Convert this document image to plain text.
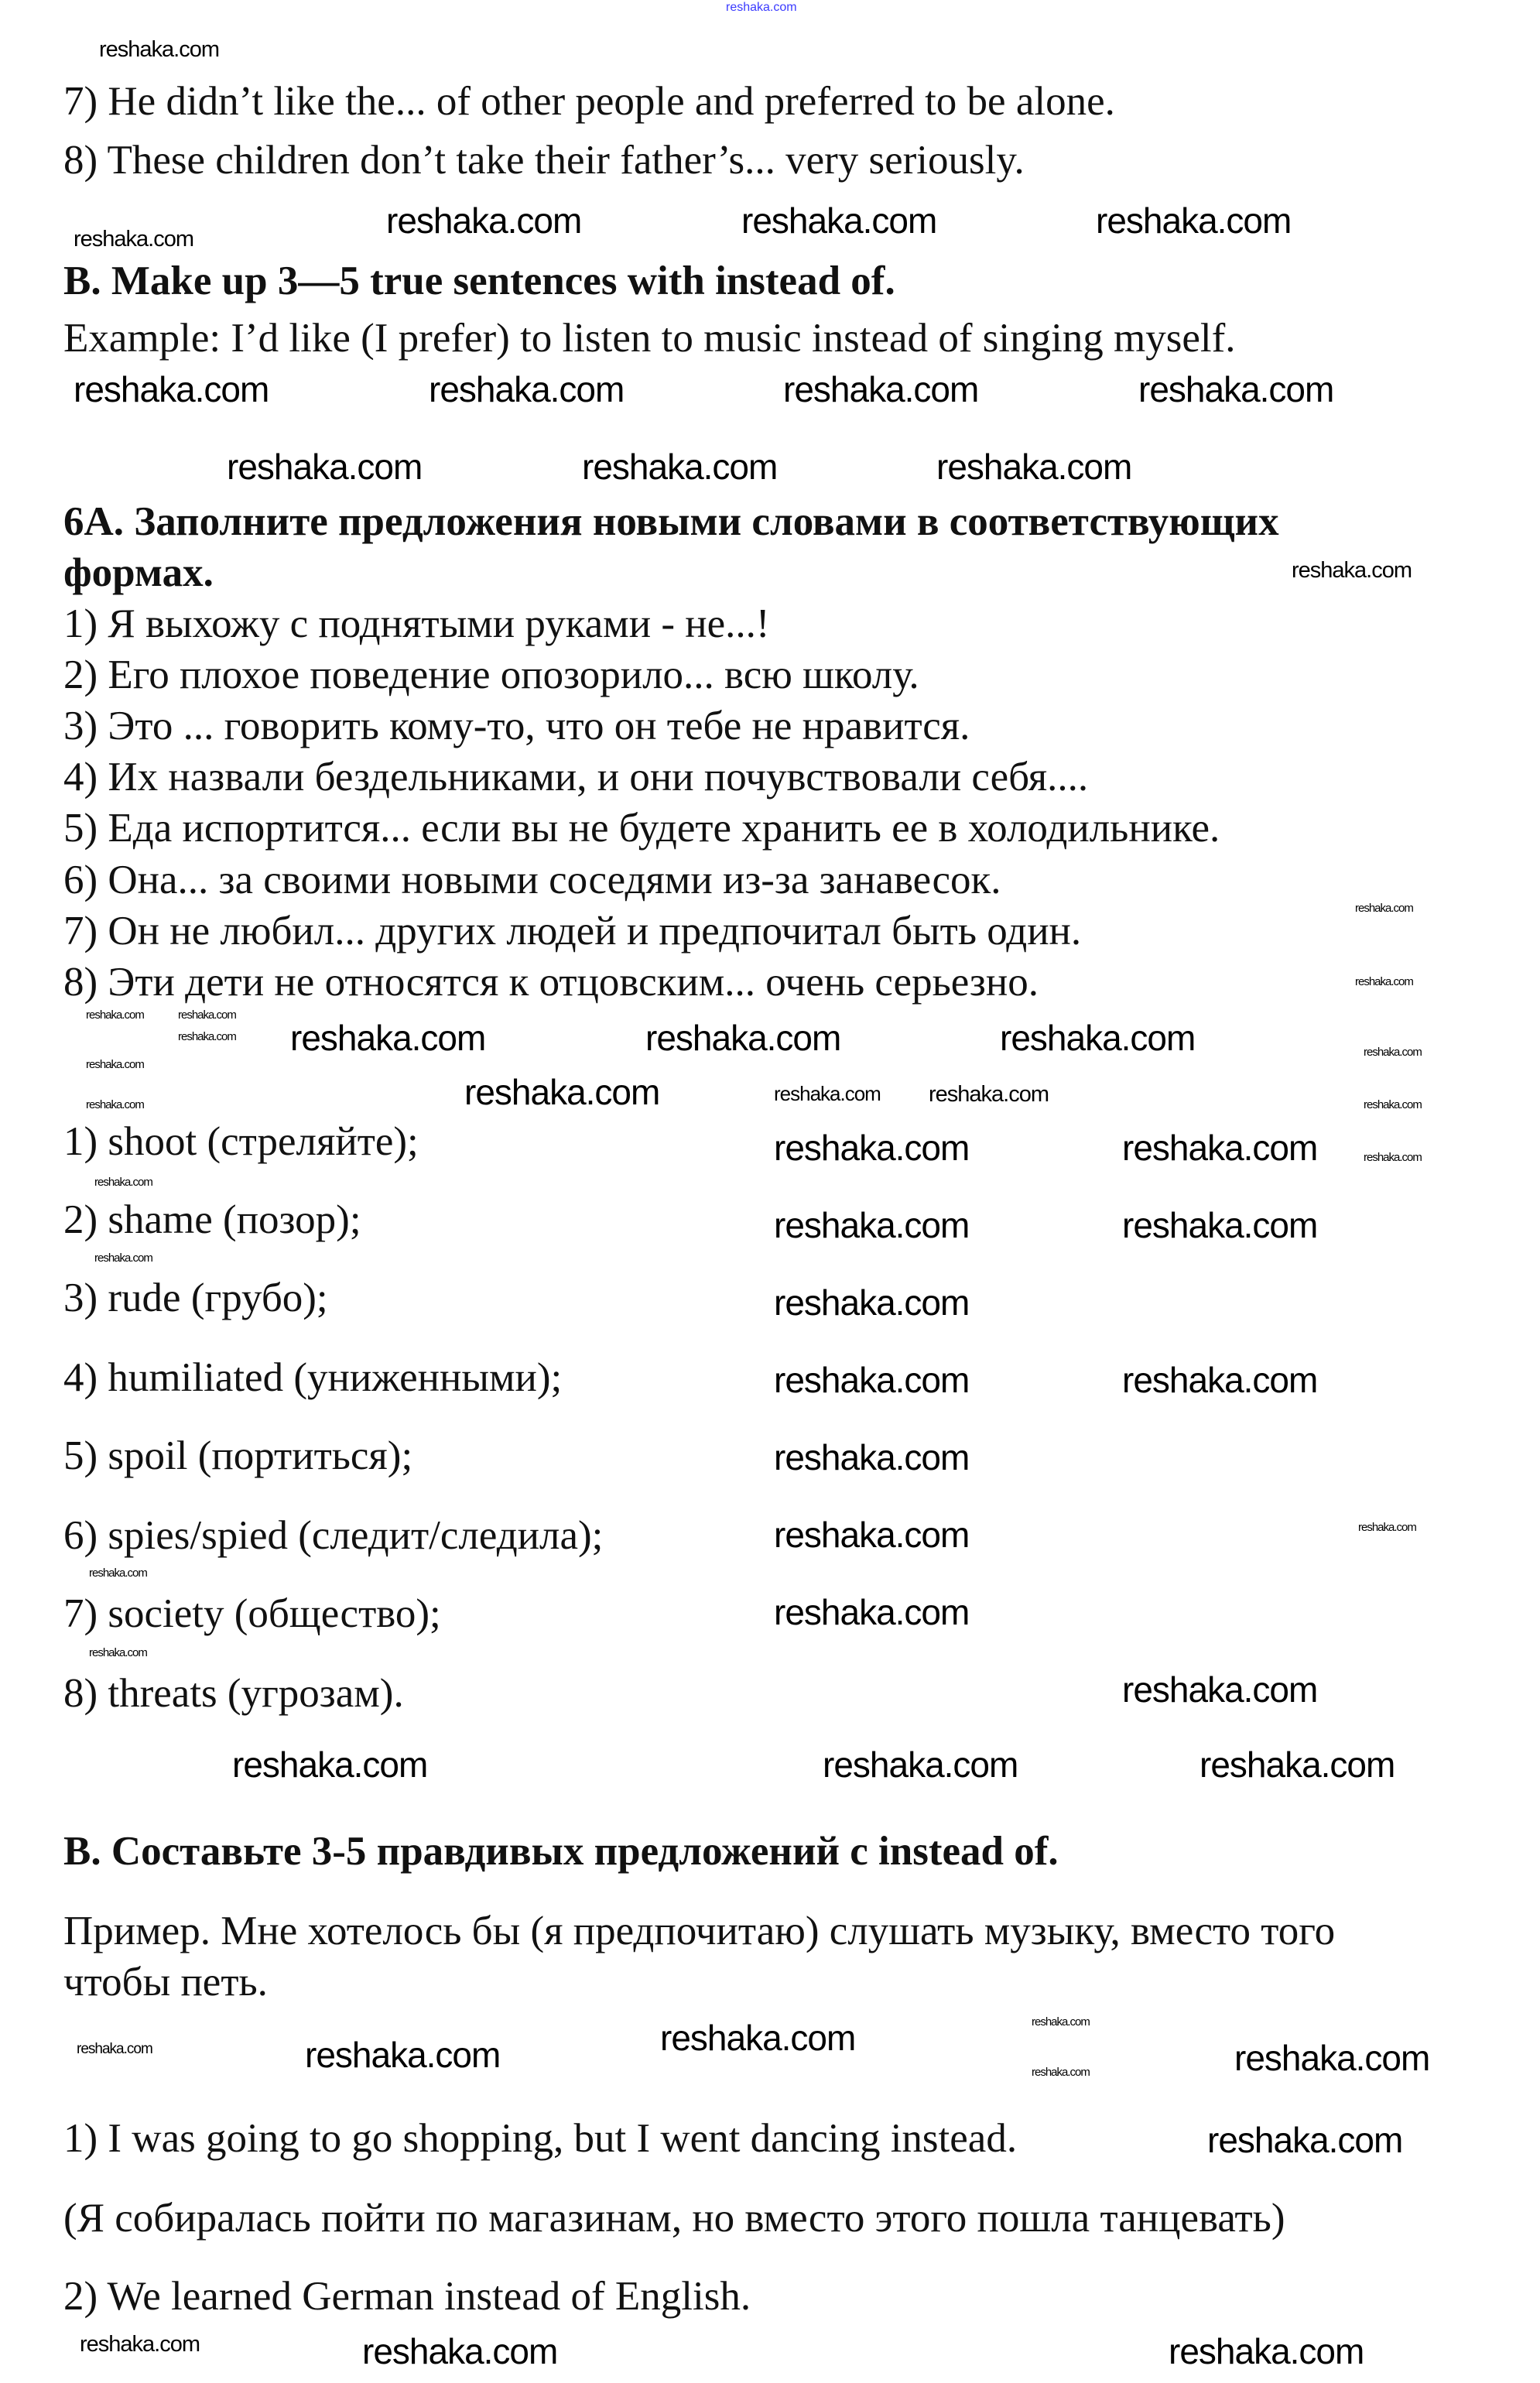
reshaka.com
7) He didn’t like the... of other people and preferred to be alone.
8) These children don’t take their father’s... very seriously.
B. Make up 3—5 true sentences with instead of.
Example: I’d like (I prefer) to listen to music instead of singing myself.
6A. Заполните предложения новыми словами в соответствующих
формах.
1) Я выхожу с поднятыми руками - не...!
2) Его плохое поведение опозорило... всю школу.
3) Это ... говорить кому-то, что он тебе не нравится.
4) Их назвали бездельниками, и они почувствовали себя....
5) Еда испортится... если вы не будете хранить ее в холодильнике.
6) Она... за своими новыми соседями из-за занавесок.
7) Он не любил... других людей и предпочитал быть один.
8) Эти дети не относятся к отцовским... очень серьезно.
1) shoot (стреляйте);
2) shame (позор);
3) rude (грубо);
4) humiliated (униженными);
5) spoil (портиться);
6) spies/spied (следит/следила);
7) society (общество);
8) threats (угрозам).
B. Составьте 3-5 правдивых предложений с instead of.
Пример. Мне хотелось бы (я предпочитаю) слушать музыку, вместо того
чтобы петь.
1) I was going to go shopping, but I went dancing instead.
(Я собиралась пойти по магазинам, но вместо этого пошла танцевать)
2) We learned German instead of English.
reshaka.com	reshaka.com
reshaka.com
reshaka.com	reshaka.com
reshaka.com	reshaka.com
reshaka.com
reshaka.com	reshaka.com
reshaka.com
reshaka.com	reshaka.com	reshaka.com
reshaka.com	reshaka.com
reshaka.com	reshaka.com
reshaka.com
reshaka.com	reshaka.com
reshaka.com
reshaka.com
reshaka.com
reshaka.com
reshaka.com
reshaka.com	reshaka.com
reshaka.com
reshaka.com	reshaka.com
reshaka.com
reshaka.com	reshaka.com
reshaka.com
reshaka.com
reshaka.com
reshaka.com reshaka.com
reshaka.com
reshaka.com
reshaka.com
reshaka.com
reshaka.com
reshaka.com
reshaka.com
reshaka.com
reshaka.com	reshaka.com
reshaka.com
reshaka.com
reshaka.com
reshaka.com
reshaka.com
reshaka.com
reshaka.com
reshaka.com
reshaka.com
